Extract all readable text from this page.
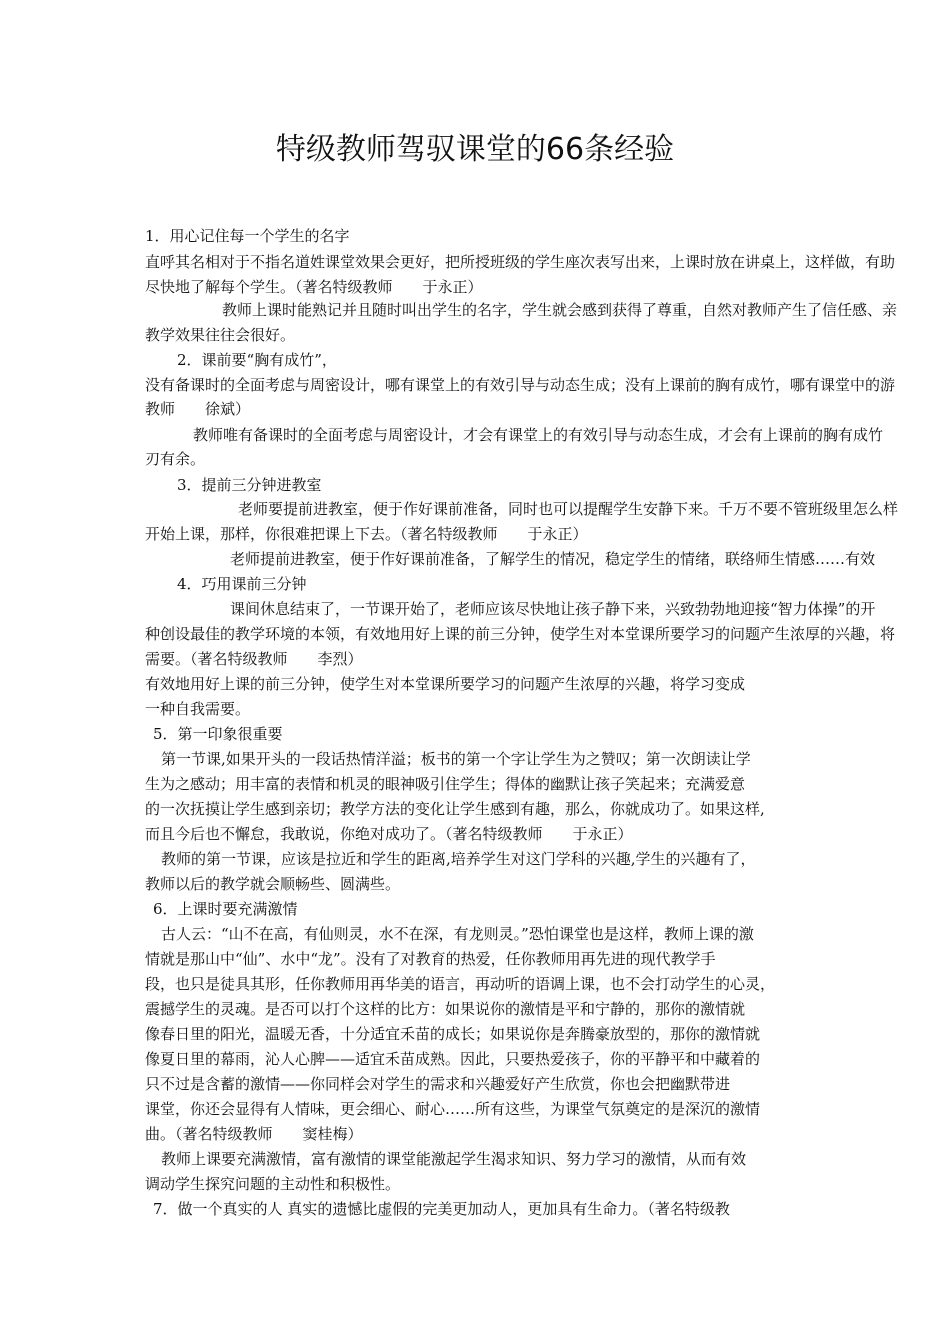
特级教师驾驭课堂的66条经验
1．用心记住每一个学生的名字
直呼其名相对于不指名道姓课堂效果会更好，把所授班级的学生座次表写出来，上课时放在讲桌上，这样做，有助
尽快地了解每个学生。（著名特级教师　　于永正）
教师上课时能熟记并且随时叫出学生的名字，学生就会感到获得了尊重，自然对教师产生了信任感、亲
教学效果往往会很好。
2．课前要“胸有成竹”，
没有备课时的全面考虑与周密设计，哪有课堂上的有效引导与动态生成；没有上课前的胸有成竹，哪有课堂中的游
教师　　徐斌）
教师唯有备课时的全面考虑与周密设计，才会有课堂上的有效引导与动态生成，才会有上课前的胸有成竹
刃有余。
3．提前三分钟进教室
老师要提前进教室，便于作好课前准备，同时也可以提醒学生安静下来。千万不要不管班级里怎么样
开始上课，那样，你很难把课上下去。（著名特级教师　　于永正）
老师提前进教室，便于作好课前准备，了解学生的情况，稳定学生的情绪，联络师生情感……有效
4．巧用课前三分钟
课间休息结束了，一节课开始了，老师应该尽快地让孩子静下来，兴致勃勃地迎接“智力体操”的开
种创设最佳的教学环境的本领，有效地用好上课的前三分钟，使学生对本堂课所要学习的问题产生浓厚的兴趣，将
需要。（著名特级教师　　李烈）
有效地用好上课的前三分钟，使学生对本堂课所要学习的问题产生浓厚的兴趣，将学习变成
一种自我需要。
5．第一印象很重要
第一节课,如果开头的一段话热情洋溢；板书的第一个字让学生为之赞叹；第一次朗读让学
生为之感动；用丰富的表情和机灵的眼神吸引住学生；得体的幽默让孩子笑起来；充满爱意
的一次抚摸让学生感到亲切；教学方法的变化让学生感到有趣，那么，你就成功了。如果这样,
而且今后也不懈怠，我敢说，你绝对成功了。（著名特级教师　　于永正）
教师的第一节课，应该是拉近和学生的距离,培养学生对这门学科的兴趣,学生的兴趣有了，
教师以后的教学就会顺畅些、圆满些。
6．上课时要充满激情
古人云：“山不在高，有仙则灵，水不在深，有龙则灵。”恐怕课堂也是这样，教师上课的激
情就是那山中“仙”、水中“龙”。没有了对教育的热爱，任你教师用再先进的现代教学手
段，也只是徒具其形，任你教师用再华美的语言，再动听的语调上课，也不会打动学生的心灵，
震撼学生的灵魂。是否可以打个这样的比方：如果说你的激情是平和宁静的，那你的激情就
像春日里的阳光，温暖无香，十分适宜禾苗的成长；如果说你是奔腾豪放型的，那你的激情就
像夏日里的幕雨，沁人心脾——适宜禾苗成熟。因此，只要热爱孩子，你的平静平和中藏着的
只不过是含蓄的激情——你同样会对学生的需求和兴趣爱好产生欣赏，你也会把幽默带进
课堂，你还会显得有人情味，更会细心、耐心……所有这些，为课堂气氛奠定的是深沉的激情
曲。（著名特级教师　　窦桂梅）
教师上课要充满激情，富有激情的课堂能激起学生渴求知识、努力学习的激情，从而有效
调动学生探究问题的主动性和积极性。
7．做一个真实的人 真实的遗憾比虚假的完美更加动人，更加具有生命力。（著名特级教
